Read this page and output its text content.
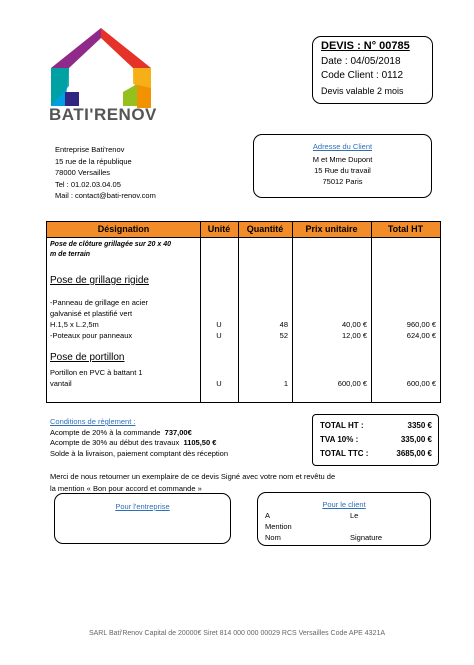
BATI'RENOV
DEVIS : N° 00785
Date : 04/05/2018
Code Client : 0112
Devis valable 2 mois
Entreprise Bati'renov
15 rue de la république
78000 Versailles
Tel : 01.02.03.04.05
Mail : contact@bati-renov.com
Adresse du Client
M et Mme Dupont
15 Rue du travail
75012 Paris
Désignation	Unité	Quantité	Prix unitaire	Total HT
Pose de clôture grillagée sur 20 x 40
m de terrain
Pose de grillage rigide
-Panneau de grillage en acier
galvanisé et plastifié vert
H.1,5 x L.2,5m	U	48	40,00 €	960,00 €
-Poteaux pour panneaux	U	52	12,00 €	624,00 €
Pose de portillon
Portillon en PVC à battant 1
vantail	U	1	600,00 €	600,00 €
Conditions de règlement :
Acompte de 20% à la commande 737,00€
Acompte de 30% au début des travaux 1105,50 €
Solde à la livraison, paiement comptant dès réception
TOTAL HT :	3350 €
TVA 10% :	335,00 €
TOTAL TTC :	3685,00 €
Merci de nous retourner un exemplaire de ce devis Signé avec votre nom et revêtu de
la mention « Bon pour accord et commande »
Pour l'entreprise	Pour le client
A	Le
Mention
Nom	Signature
SARL Bati'Renov Capital de 20000€ Siret 814 000 000 00029 RCS Versailles Code APE 4321A
